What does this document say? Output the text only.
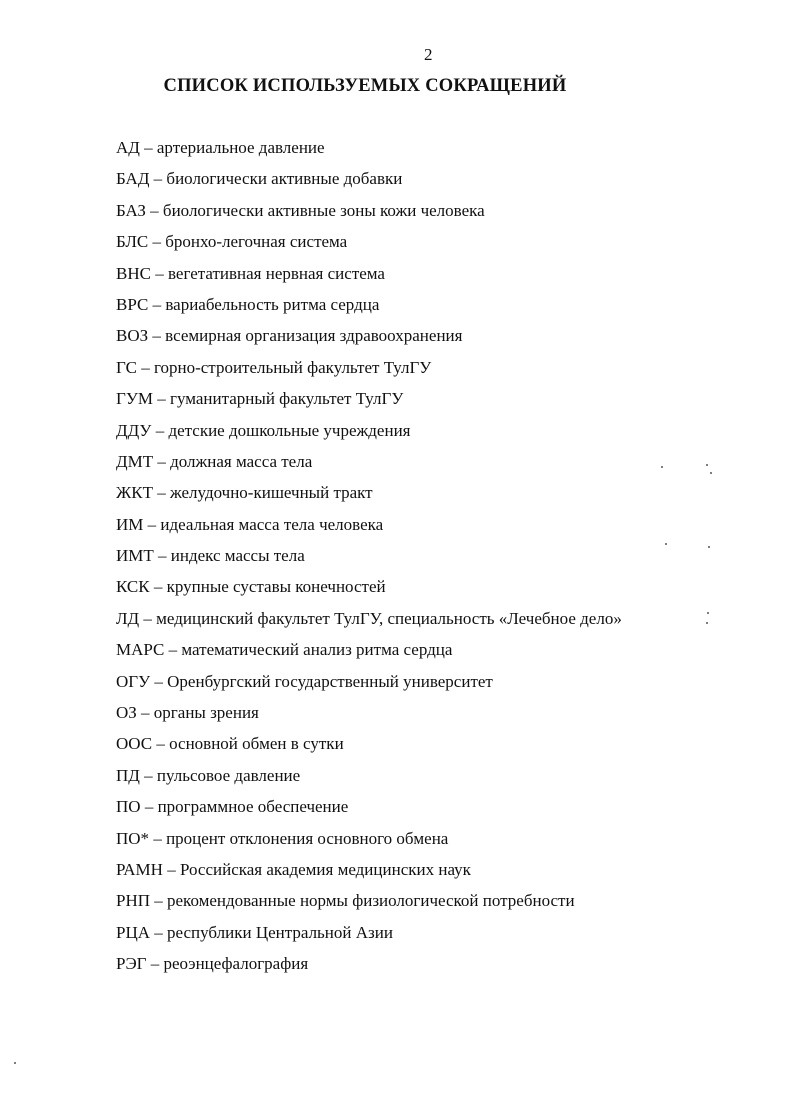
2
СПИСОК ИСПОЛЬЗУЕМЫХ СОКРАЩЕНИЙ
АД – артериальное давление
БАД – биологически активные добавки
БАЗ – биологически активные зоны кожи человека
БЛС – бронхо-легочная система
ВНС – вегетативная нервная система
ВРС – вариабельность ритма сердца
ВОЗ – всемирная организация здравоохранения
ГС – горно-строительный факультет ТулГУ
ГУМ – гуманитарный факультет ТулГУ
ДДУ – детские дошкольные учреждения
ДМТ – должная масса тела
ЖКТ – желудочно-кишечный тракт
ИМ – идеальная масса тела человека
ИМТ – индекс массы тела
КСК – крупные суставы конечностей
ЛД – медицинский факультет ТулГУ, специальность «Лечебное дело»
МАРС – математический анализ ритма сердца
ОГУ – Оренбургский государственный университет
ОЗ – органы зрения
ООС – основной обмен в сутки
ПД – пульсовое давление
ПО – программное обеспечение
ПО* – процент отклонения основного обмена
РАМН – Российская академия медицинских наук
РНП – рекомендованные нормы физиологической потребности
РЦА – республики Центральной Азии
РЭГ – реоэнцефалография
